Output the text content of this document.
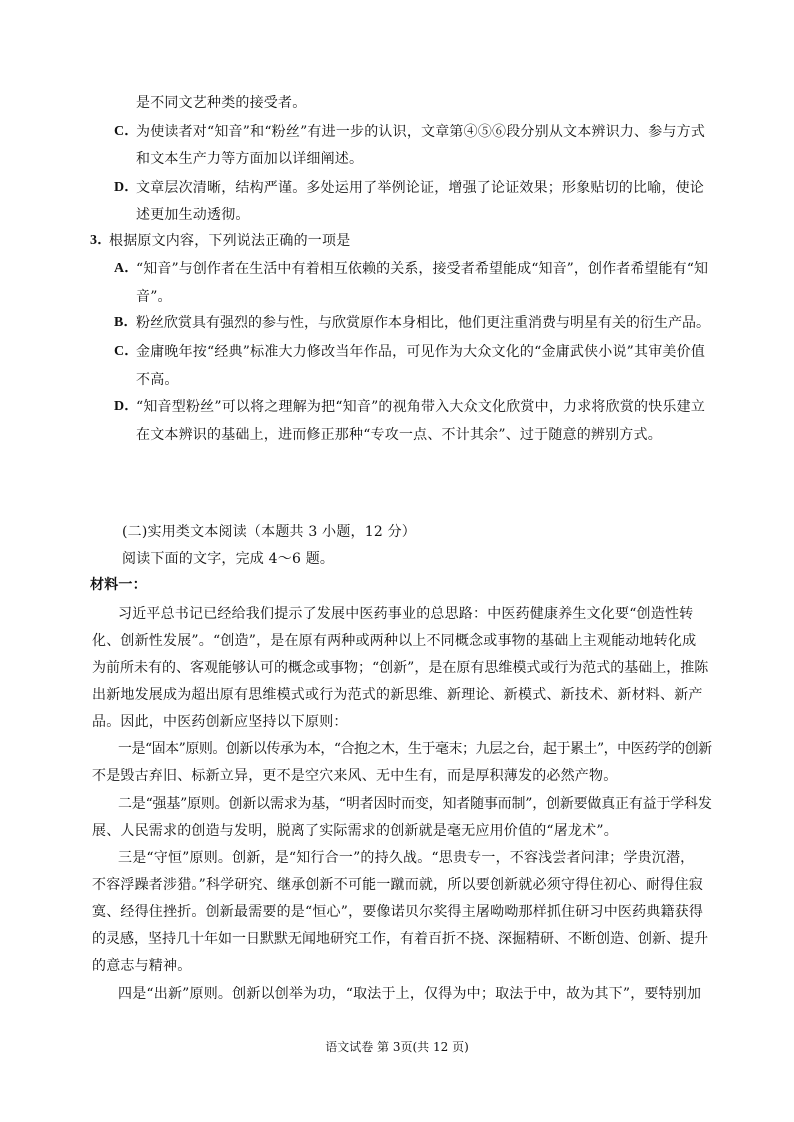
是不同文艺种类的接受者。
C．
为使读者对“知音”和“粉丝”有进一步的认识，文章第④⑤⑥段分别从文本辨识力、参与方式
和文本生产力等方面加以详细阐述。
D．
文章层次清晰，结构严谨。多处运用了举例论证，增强了论证效果；形象贴切的比喻，使论
述更加生动透彻。
3．
根据原文内容，下列说法正确的一项是
A．
“知音”与创作者在生活中有着相互依赖的关系，接受者希望能成“知音”，创作者希望能有“知
音”。
B．
粉丝欣赏具有强烈的参与性，与欣赏原作本身相比，他们更注重消费与明星有关的衍生产品。
C．
金庸晚年按“经典”标准大力修改当年作品，可见作为大众文化的“金庸武侠小说”其审美价值
不高。
D．
“知音型粉丝”可以将之理解为把“知音”的视角带入大众文化欣赏中，力求将欣赏的快乐建立
在文本辨识的基础上，进而修正那种“专攻一点、不计其余”、过于随意的辨别方式。
(二)实用类文本阅读（本题共 3 小题，12 分）
阅读下面的文字，完成 4～6 题。
材料一：
习近平总书记已经给我们提示了发展中医药事业的总思路：中医药健康养生文化要“创造性转
化、创新性发展”。“创造”，是在原有两种或两种以上不同概念或事物的基础上主观能动地转化成
为前所未有的、客观能够认可的概念或事物；“创新”，是在原有思维模式或行为范式的基础上，推陈
出新地发展成为超出原有思维模式或行为范式的新思维、新理论、新模式、新技术、新材料、新产
品。因此，中医药创新应坚持以下原则：
一是“固本”原则。创新以传承为本，“合抱之木，生于毫末；九层之台，起于累土”，中医药学的创新
不是毁古弃旧、标新立异，更不是空穴来风、无中生有，而是厚积薄发的必然产物。
二是“强基”原则。创新以需求为基，“明者因时而变，知者随事而制”，创新要做真正有益于学科发
展、人民需求的创造与发明，脱离了实际需求的创新就是毫无应用价值的“屠龙术”。
三是“守恒”原则。创新，是“知行合一”的持久战。“思贵专一，不容浅尝者问津；学贵沉潜，
不容浮躁者涉猎。”科学研究、继承创新不可能一蹴而就，所以要创新就必须守得住初心、耐得住寂
寞、经得住挫折。创新最需要的是“恒心”，要像诺贝尔奖得主屠呦呦那样抓住研习中医药典籍获得
的灵感，坚持几十年如一日默默无闻地研究工作，有着百折不挠、深掘精研、不断创造、创新、提升
的意志与精神。
四是“出新”原则。创新以创举为功，“取法于上，仅得为中；取法于中，故为其下”，要特别加
语文试卷 第 3页(共 12 页)
